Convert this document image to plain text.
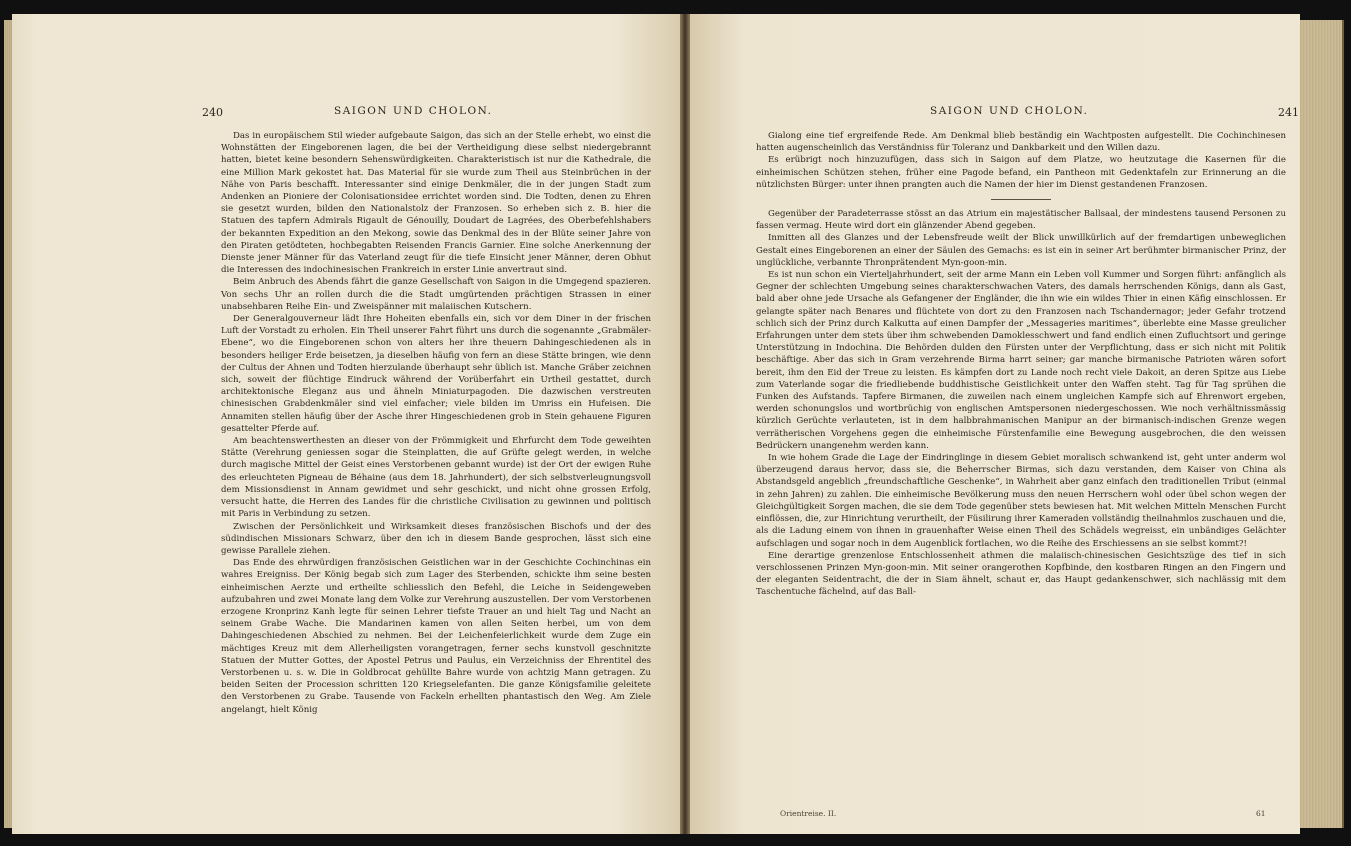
240	SAIGON UND CHOLON.

Das in europäischem Stil wieder aufgebaute Saigon, das sich an der Stelle erhebt, wo einst die Wohnstätten der Eingeborenen lagen, die bei der Vertheidigung diese selbst niedergebrannt hatten, bietet keine besondern Sehenswürdigkeiten. Charakteristisch ist nur die Kathedrale, die eine Million Mark gekostet hat. Das Material für sie wurde zum Theil aus Steinbrüchen in der Nähe von Paris beschafft. Interessanter sind einige Denkmäler, die in der jungen Stadt zum Andenken an Pioniere der Colonisationsidee errichtet worden sind. Die Todten, denen zu Ehren sie gesetzt wurden, bilden den Nationalstolz der Franzosen. So erheben sich z. B. hier die Statuen des tapfern Admirals Rigault de Génouilly, Doudart de Lagrées, des Oberbefehlshabers der bekannten Expedition an den Mekong, sowie das Denkmal des in der Blüte seiner Jahre von den Piraten getödteten, hochbegabten Reisenden Francis Garnier. Eine solche Anerkennung der Dienste jener Männer für das Vaterland zeugt für die tiefe Einsicht jener Männer, deren Obhut die Interessen des indochinesischen Frankreich in erster Linie anvertraut sind.

Beim Anbruch des Abends fährt die ganze Gesellschaft von Saigon in die Umgegend spazieren. Von sechs Uhr an rollen durch die die Stadt umgürtenden prächtigen Strassen in einer unabsehbaren Reihe Ein- und Zweispänner mit malaiischen Kutschern.

Der Generalgouverneur lädt Ihre Hoheiten ebenfalls ein, sich vor dem Diner in der frischen Luft der Vorstadt zu erholen. Ein Theil unserer Fahrt führt uns durch die sogenannte „Grabmäler-Ebene“, wo die Eingeborenen schon von alters her ihre theuern Dahingeschiedenen als in besonders heiliger Erde beisetzen, ja dieselben häufig von fern an diese Stätte bringen, wie denn der Cultus der Ahnen und Todten hierzulande überhaupt sehr üblich ist. Manche Gräber zeichnen sich, soweit der flüchtige Eindruck während der Vorüberfahrt ein Urtheil gestattet, durch architektonische Eleganz aus und ähneln Miniaturpagoden. Die dazwischen verstreuten chinesischen Grabdenkmäler sind viel einfacher; viele bilden im Umriss ein Hufeisen. Die Annamiten stellen häufig über der Asche ihrer Hingeschiedenen grob in Stein gehauene Figuren gesattelter Pferde auf.

Am beachtenswerthesten an dieser von der Frömmigkeit und Ehrfurcht dem Tode geweihten Stätte (Verehrung geniessen sogar die Steinplatten, die auf Grüfte gelegt werden, in welche durch magische Mittel der Geist eines Verstorbenen gebannt wurde) ist der Ort der ewigen Ruhe des erleuchteten Pigneau de Béhaine (aus dem 18. Jahrhundert), der sich selbstverleugnungsvoll dem Missionsdienst in Annam gewidmet und sehr geschickt, und nicht ohne grossen Erfolg, versucht hatte, die Herren des Landes für die christliche Civilisation zu gewinnen und politisch mit Paris in Verbindung zu setzen.

Zwischen der Persönlichkeit und Wirksamkeit dieses französischen Bischofs und der des südindischen Missionars Schwarz, über den ich in diesem Bande gesprochen, lässt sich eine gewisse Parallele ziehen.

Das Ende des ehrwürdigen französischen Geistlichen war in der Geschichte Cochinchinas ein wahres Ereigniss. Der König begab sich zum Lager des Sterbenden, schickte ihm seine besten einheimischen Aerzte und ertheilte schliesslich den Befehl, die Leiche in Seidengeweben aufzubahren und zwei Monate lang dem Volke zur Verehrung auszustellen. Der vom Verstorbenen erzogene Kronprinz Kanh legte für seinen Lehrer tiefste Trauer an und hielt Tag und Nacht an seinem Grabe Wache. Die Mandarinen kamen von allen Seiten herbei, um von dem Dahingeschiedenen Abschied zu nehmen. Bei der Leichenfeierlichkeit wurde dem Zuge ein mächtiges Kreuz mit dem Allerheiligsten vorangetragen, ferner sechs kunstvoll geschnitzte Statuen der Mutter Gottes, der Apostel Petrus und Paulus, ein Verzeichniss der Ehrentitel des Verstorbenen u. s. w. Die in Goldbrocat gehüllte Bahre wurde von achtzig Mann getragen. Zu beiden Seiten der Procession schritten 120 Kriegselefanten. Die ganze Königsfamilie geleitete den Verstorbenen zu Grabe. Tausende von Fackeln erhellten phantastisch den Weg. Am Ziele angelangt, hielt König

SAIGON UND CHOLON.	241

Gialong eine tief ergreifende Rede. Am Denkmal blieb beständig ein Wachtposten aufgestellt. Die Cochinchinesen hatten augenscheinlich das Verständniss für Toleranz und Dankbarkeit und den Willen dazu.

Es erübrigt noch hinzuzufügen, dass sich in Saigon auf dem Platze, wo heutzutage die Kasernen für die einheimischen Schützen stehen, früher eine Pagode befand, ein Pantheon mit Gedenktafeln zur Erinnerung an die nützlichsten Bürger: unter ihnen prangten auch die Namen der hier im Dienst gestandenen Franzosen.

Gegenüber der Paradeterrasse stösst an das Atrium ein majestätischer Ballsaal, der mindestens tausend Personen zu fassen vermag. Heute wird dort ein glänzender Abend gegeben.

Inmitten all des Glanzes und der Lebensfreude weilt der Blick unwillkürlich auf der fremdartigen unbeweglichen Gestalt eines Eingeborenen an einer der Säulen des Gemachs: es ist ein in seiner Art berühmter birmanischer Prinz, der unglückliche, verbannte Thronprätendent Myn-goon-min.

Es ist nun schon ein Vierteljahrhundert, seit der arme Mann ein Leben voll Kummer und Sorgen führt: anfänglich als Gegner der schlechten Umgebung seines charakterschwachen Vaters, des damals herrschenden Königs, dann als Gast, bald aber ohne jede Ursache als Gefangener der Engländer, die ihn wie ein wildes Thier in einen Käfig einschlossen. Er gelangte später nach Benares und flüchtete von dort zu den Franzosen nach Tschandernagor; jeder Gefahr trotzend schlich sich der Prinz durch Kalkutta auf einen Dampfer der „Messageries maritimes“, überlebte eine Masse greulicher Erfahrungen unter dem stets über ihm schwebenden Damoklesschwert und fand endlich einen Zufluchtsort und geringe Unterstützung in Indochina. Die Behörden dulden den Fürsten unter der Verpflichtung, dass er sich nicht mit Politik beschäftige. Aber das sich in Gram verzehrende Birma harrt seiner; gar manche birmanische Patrioten wären sofort bereit, ihm den Eid der Treue zu leisten. Es kämpfen dort zu Lande noch recht viele Dakoit, an deren Spitze aus Liebe zum Vaterlande sogar die friedliebende buddhistische Geistlichkeit unter den Waffen steht. Tag für Tag sprühen die Funken des Aufstands. Tapfere Birmanen, die zuweilen nach einem ungleichen Kampfe sich auf Ehrenwort ergeben, werden schonungslos und wortbrüchig von englischen Amtspersonen niedergeschossen. Wie noch verhältnissmässig kürzlich Gerüchte verlauteten, ist in dem halbbrahmanischen Manipur an der birmanisch-indischen Grenze wegen verrätherischen Vorgehens gegen die einheimische Fürstenfamilie eine Bewegung ausgebrochen, die den weissen Bedrückern unangenehm werden kann.

In wie hohem Grade die Lage der Eindringlinge in diesem Gebiet moralisch schwankend ist, geht unter anderm wol überzeugend daraus hervor, dass sie, die Beherrscher Birmas, sich dazu verstanden, dem Kaiser von China als Abstandsgeld angeblich „freundschaftliche Geschenke“, in Wahrheit aber ganz einfach den traditionellen Tribut (einmal in zehn Jahren) zu zahlen. Die einheimische Bevölkerung muss den neuen Herrschern wohl oder übel schon wegen der Gleichgültigkeit Sorgen machen, die sie dem Tode gegenüber stets bewiesen hat. Mit welchen Mitteln Menschen Furcht einflössen, die, zur Hinrichtung verurtheilt, der Füsilirung ihrer Kameraden vollständig theilnahmlos zuschauen und die, als die Ladung einem von ihnen in grauenhafter Weise einen Theil des Schädels wegreisst, ein unbändiges Gelächter aufschlagen und sogar noch in dem Augenblick fortlachen, wo die Reihe des Erschiessens an sie selbst kommt?!

Eine derartige grenzenlose Entschlossenheit athmen die malaiisch-chinesischen Gesichtszüge des tief in sich verschlossenen Prinzen Myn-goon-min. Mit seiner orangerothen Kopfbinde, den kostbaren Ringen an den Fingern und der eleganten Seidentracht, die der in Siam ähnelt, schaut er, das Haupt gedankenschwer, sich nachlässig mit dem Taschentuche fächelnd, auf das Ball-

Orientreise. II.	61
